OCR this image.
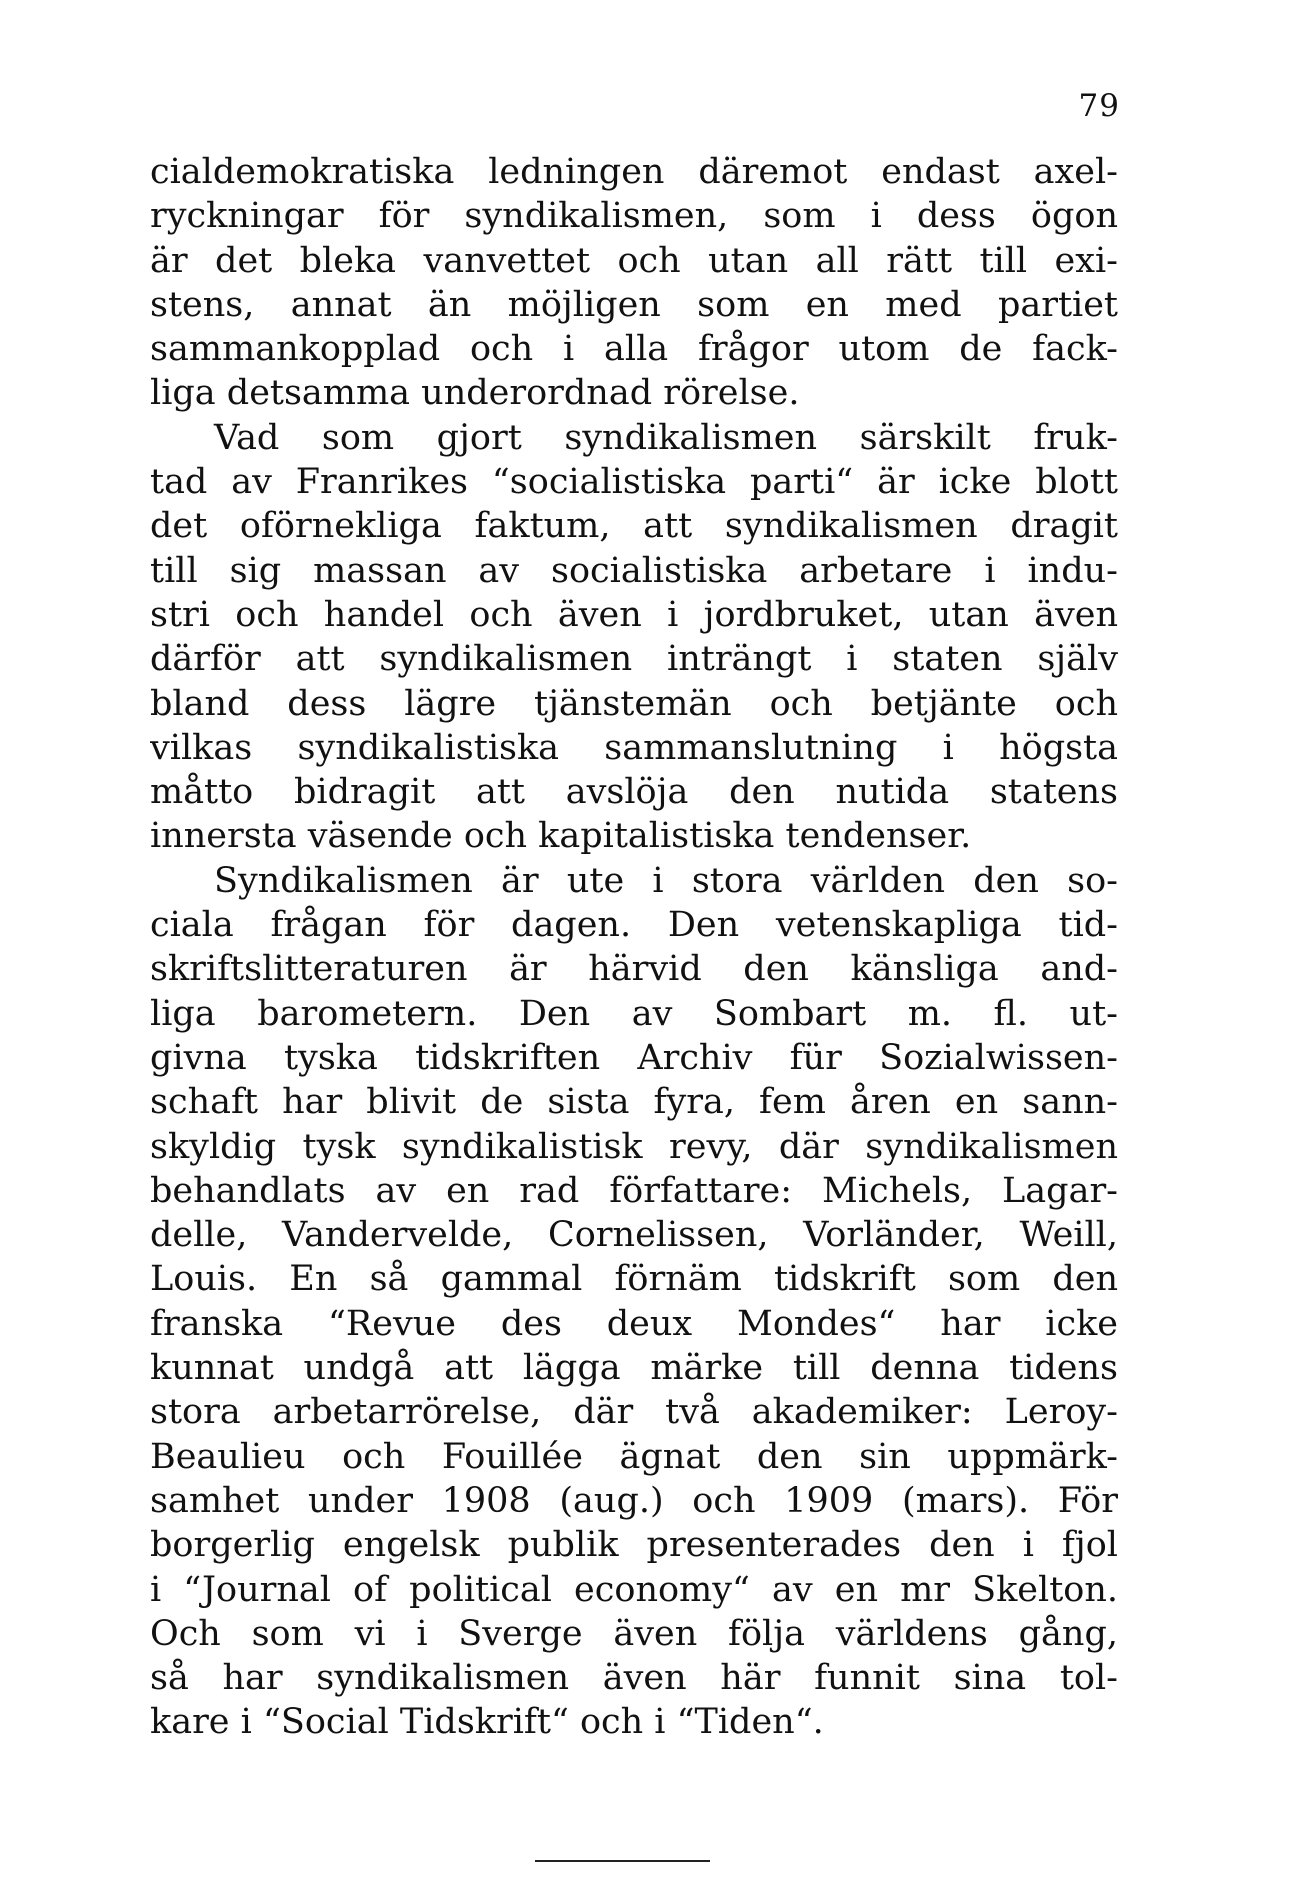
79
cialdemokratiska ledningen däremot endast axel-
ryckningar för syndikalismen, som i dess ögon
är det bleka vanvettet och utan all rätt till exi-
stens, annat än möjligen som en med partiet
sammankopplad och i alla frågor utom de fack-
liga detsamma underordnad rörelse.
Vad som gjort syndikalismen särskilt fruk-
tad av Franrikes “socialistiska parti“ är icke blott
det oförnekliga faktum, att syndikalismen dragit
till sig massan av socialistiska arbetare i indu-
stri och handel och även i jordbruket, utan även
därför att syndikalismen inträngt i staten själv
bland dess lägre tjänstemän och betjänte och
vilkas syndikalistiska sammanslutning i högsta
måtto bidragit att avslöja den nutida statens
innersta väsende och kapitalistiska tendenser.
Syndikalismen är ute i stora världen den so-
ciala frågan för dagen. Den vetenskapliga tid-
skriftslitteraturen är härvid den känsliga and-
liga barometern. Den av Sombart m. fl. ut-
givna tyska tidskriften Archiv für Sozialwissen-
schaft har blivit de sista fyra, fem åren en sann-
skyldig tysk syndikalistisk revy, där syndikalismen
behandlats av en rad författare: Michels, Lagar-
delle, Vandervelde, Cornelissen, Vorländer, Weill,
Louis. En så gammal förnäm tidskrift som den
franska “Revue des deux Mondes“ har icke
kunnat undgå att lägga märke till denna tidens
stora arbetarrörelse, där två akademiker: Leroy-
Beaulieu och Fouillée ägnat den sin uppmärk-
samhet under 1908 (aug.) och 1909 (mars). För
borgerlig engelsk publik presenterades den i fjol
i “Journal of political economy“ av en mr Skelton.
Och som vi i Sverge även följa världens gång,
så har syndikalismen även här funnit sina tol-
kare i “Social Tidskrift“ och i “Tiden“.
